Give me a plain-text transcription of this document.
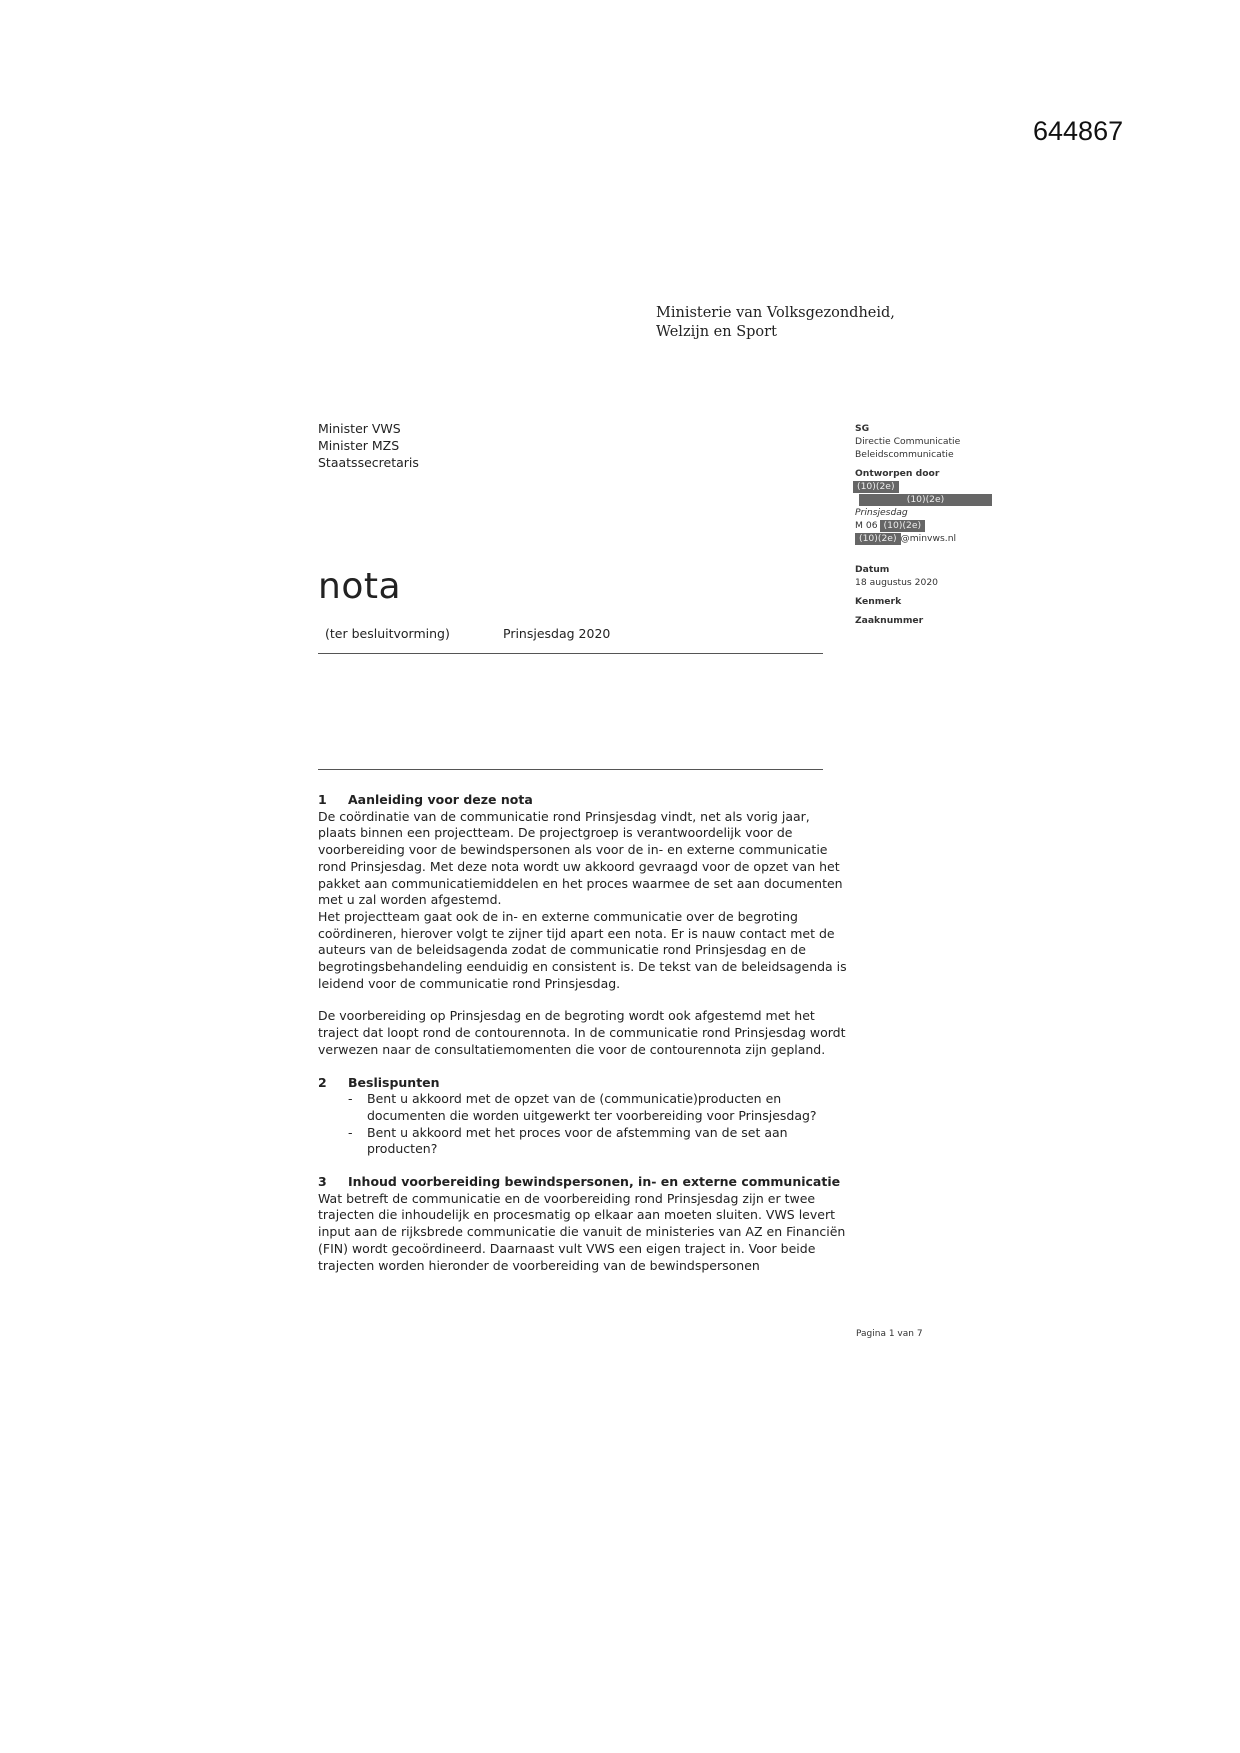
644867
Ministerie van Volksgezondheid,
Welzijn en Sport
Minister VWS
Minister MZS
Staatssecretaris
nota
(ter besluitvorming)	Prinsjesdag 2020
SG
Directie Communicatie
Beleidscommunicatie
Ontworpen door
(10)(2e)
(10)(2e)
Prinsjesdag
M 06 (10)(2e)
(10)(2e) @minvws.nl
Datum
18 augustus 2020
Kenmerk
Zaaknummer
1 Aanleiding voor deze nota

De coördinatie van de communicatie rond Prinsjesdag vindt, net als vorig jaar, plaats binnen een projectteam. De projectgroep is verantwoordelijk voor de voorbereiding voor de bewindspersonen als voor de in- en externe communicatie rond Prinsjesdag. Met deze nota wordt uw akkoord gevraagd voor de opzet van het pakket aan communicatiemiddelen en het proces waarmee de set aan documenten met u zal worden afgestemd.

Het projectteam gaat ook de in- en externe communicatie over de begroting coördineren, hierover volgt te zijner tijd apart een nota. Er is nauw contact met de auteurs van de beleidsagenda zodat de communicatie rond Prinsjesdag en de begrotingsbehandeling eenduidig en consistent is. De tekst van de beleidsagenda is leidend voor de communicatie rond Prinsjesdag.

De voorbereiding op Prinsjesdag en de begroting wordt ook afgestemd met het traject dat loopt rond de contourennota. In de communicatie rond Prinsjesdag wordt verwezen naar de consultatiemomenten die voor de contourennota zijn gepland.

2 Beslispunten
- Bent u akkoord met de opzet van de (communicatie)producten en documenten die worden uitgewerkt ter voorbereiding voor Prinsjesdag?
- Bent u akkoord met het proces voor de afstemming van de set aan producten?
3 Inhoud voorbereiding bewindspersonen, in- en externe communicatie

Wat betreft de communicatie en de voorbereiding rond Prinsjesdag zijn er twee trajecten die inhoudelijk en procesmatig op elkaar aan moeten sluiten. VWS levert input aan de rijksbrede communicatie die vanuit de ministeries van AZ en Financiën (FIN) wordt gecoördineerd. Daarnaast vult VWS een eigen traject in. Voor beide trajecten worden hieronder de voorbereiding van de bewindspersonen

Pagina 1 van 7
